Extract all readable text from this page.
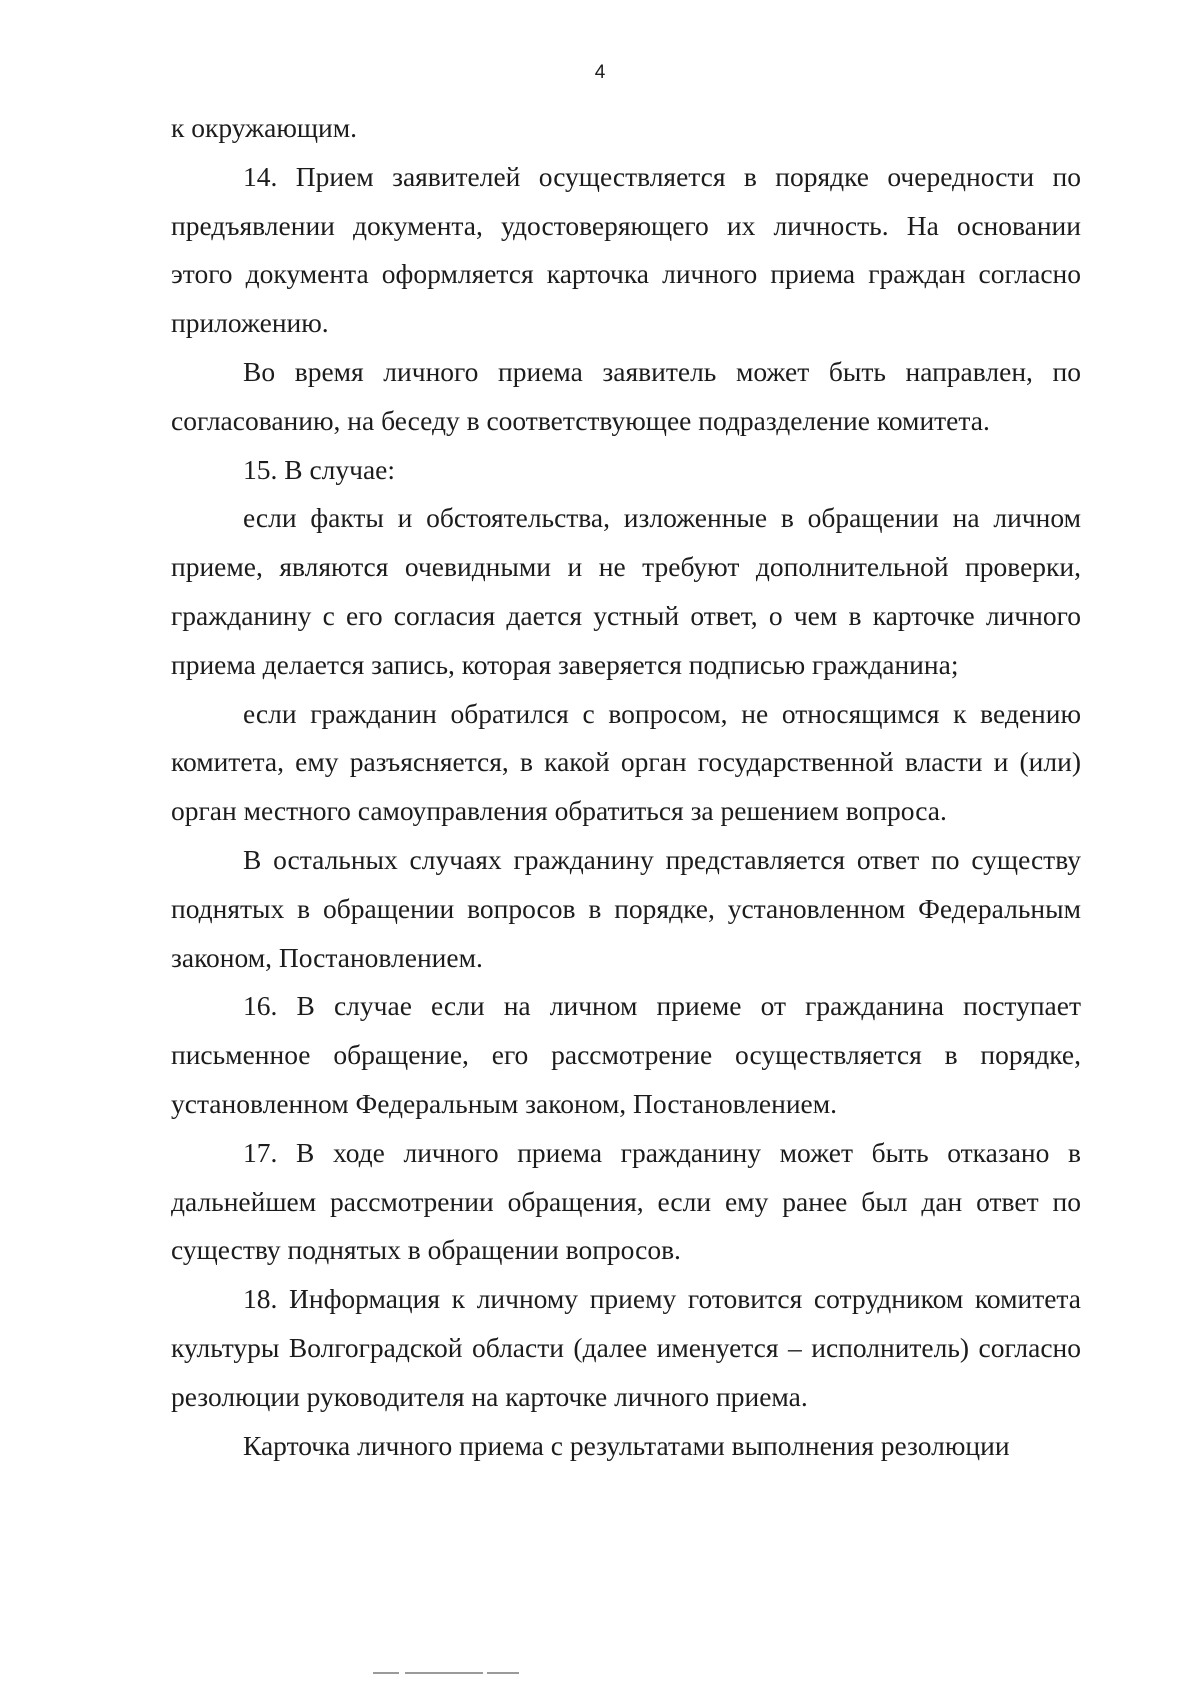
4

к окружающим.

14. Прием заявителей осуществляется в порядке очередности по предъявлении документа, удостоверяющего их личность. На основании этого документа оформляется карточка личного приема граждан согласно приложению.

Во время личного приема заявитель может быть направлен, по согласованию, на беседу в соответствующее подразделение комитета.

15. В случае:

если факты и обстоятельства, изложенные в обращении на личном приеме, являются очевидными и не требуют дополнительной проверки, гражданину с его согласия дается устный ответ, о чем в карточке личного приема делается запись, которая заверяется подписью гражданина;

если гражданин обратился с вопросом, не относящимся к ведению комитета, ему разъясняется, в какой орган государственной власти и (или) орган местного самоуправления обратиться за решением вопроса.

В остальных случаях гражданину представляется ответ по существу поднятых в обращении вопросов в порядке, установленном Федеральным законом, Постановлением.

16. В случае если на личном приеме от гражданина поступает письменное обращение, его рассмотрение осуществляется в порядке, установленном Федеральным законом, Постановлением.

17. В ходе личного приема гражданину может быть отказано в дальнейшем рассмотрении обращения, если ему ранее был дан ответ по существу поднятых в обращении вопросов.

18. Информация к личному приему готовится сотрудником комитета культуры Волгоградской области (далее именуется – исполнитель) согласно резолюции руководителя на карточке личного приема.

Карточка личного приема с результатами выполнения резолюции
